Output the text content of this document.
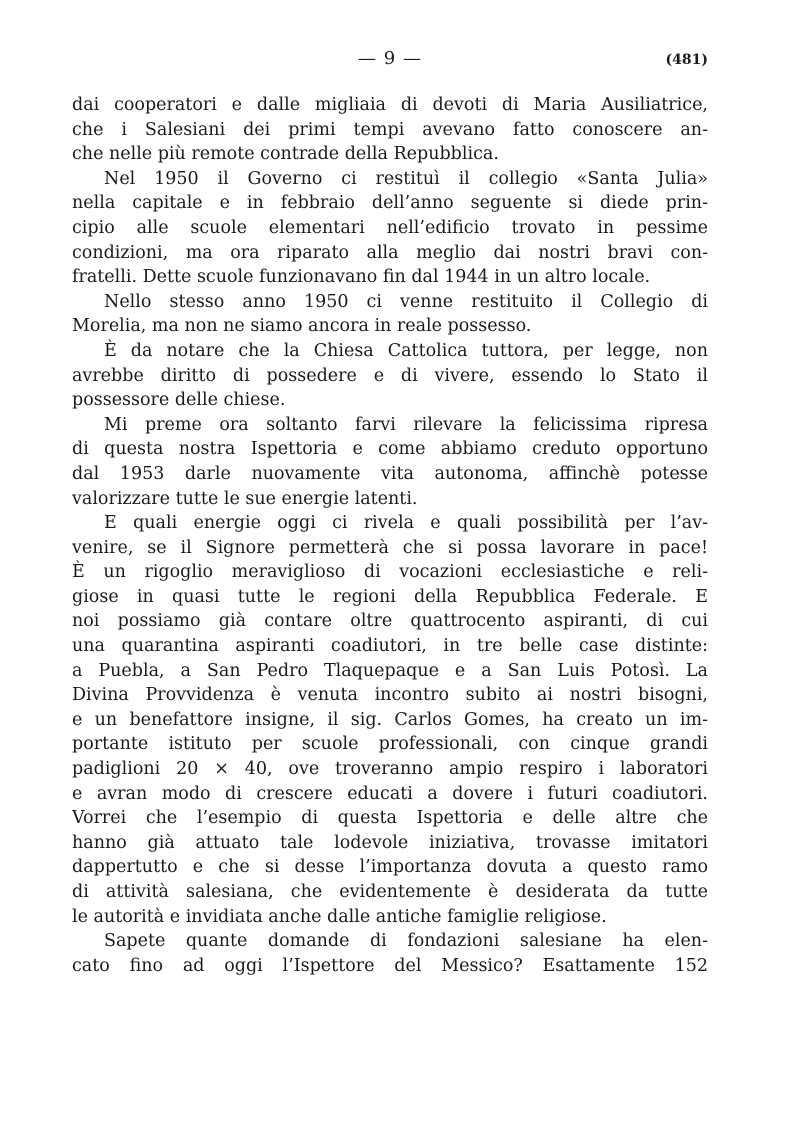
— 9 —	(481)
dai cooperatori e dalle migliaia di devoti di Maria Ausiliatrice,
che i Salesiani dei primi tempi avevano fatto conoscere an-
che nelle più remote contrade della Repubblica.
Nel 1950 il Governo ci restituì il collegio «Santa Julia»
nella capitale e in febbraio dell’anno seguente si diede prin-
cipio alle scuole elementari nell’edificio trovato in pessime
condizioni, ma ora riparato alla meglio dai nostri bravi con-
fratelli. Dette scuole funzionavano fin dal 1944 in un altro locale.
Nello stesso anno 1950 ci venne restituito il Collegio di
Morelia, ma non ne siamo ancora in reale possesso.
È da notare che la Chiesa Cattolica tuttora, per legge, non
avrebbe diritto di possedere e di vivere, essendo lo Stato il
possessore delle chiese.
Mi preme ora soltanto farvi rilevare la felicissima ripresa
di questa nostra Ispettoria e come abbiamo creduto opportuno
dal 1953 darle nuovamente vita autonoma, affinchè potesse
valorizzare tutte le sue energie latenti.
E quali energie oggi ci rivela e quali possibilità per l’av-
venire, se il Signore permetterà che si possa lavorare in pace!
È un rigoglio meraviglioso di vocazioni ecclesiastiche e reli-
giose in quasi tutte le regioni della Repubblica Federale. E
noi possiamo già contare oltre quattrocento aspiranti, di cui
una quarantina aspiranti coadiutori, in tre belle case distinte:
a Puebla, a San Pedro Tlaquepaque e a San Luis Potosì. La
Divina Provvidenza è venuta incontro subito ai nostri bisogni,
e un benefattore insigne, il sig. Carlos Gomes, ha creato un im-
portante istituto per scuole professionali, con cinque grandi
padiglioni 20 × 40, ove troveranno ampio respiro i laboratori
e avran modo di crescere educati a dovere i futuri coadiutori.
Vorrei che l’esempio di questa Ispettoria e delle altre che
hanno già attuato tale lodevole iniziativa, trovasse imitatori
dappertutto e che si desse l’importanza dovuta a questo ramo
di attività salesiana, che evidentemente è desiderata da tutte
le autorità e invidiata anche dalle antiche famiglie religiose.
Sapete quante domande di fondazioni salesiane ha elen-
cato fino ad oggi l’Ispettore del Messico? Esattamente 152
